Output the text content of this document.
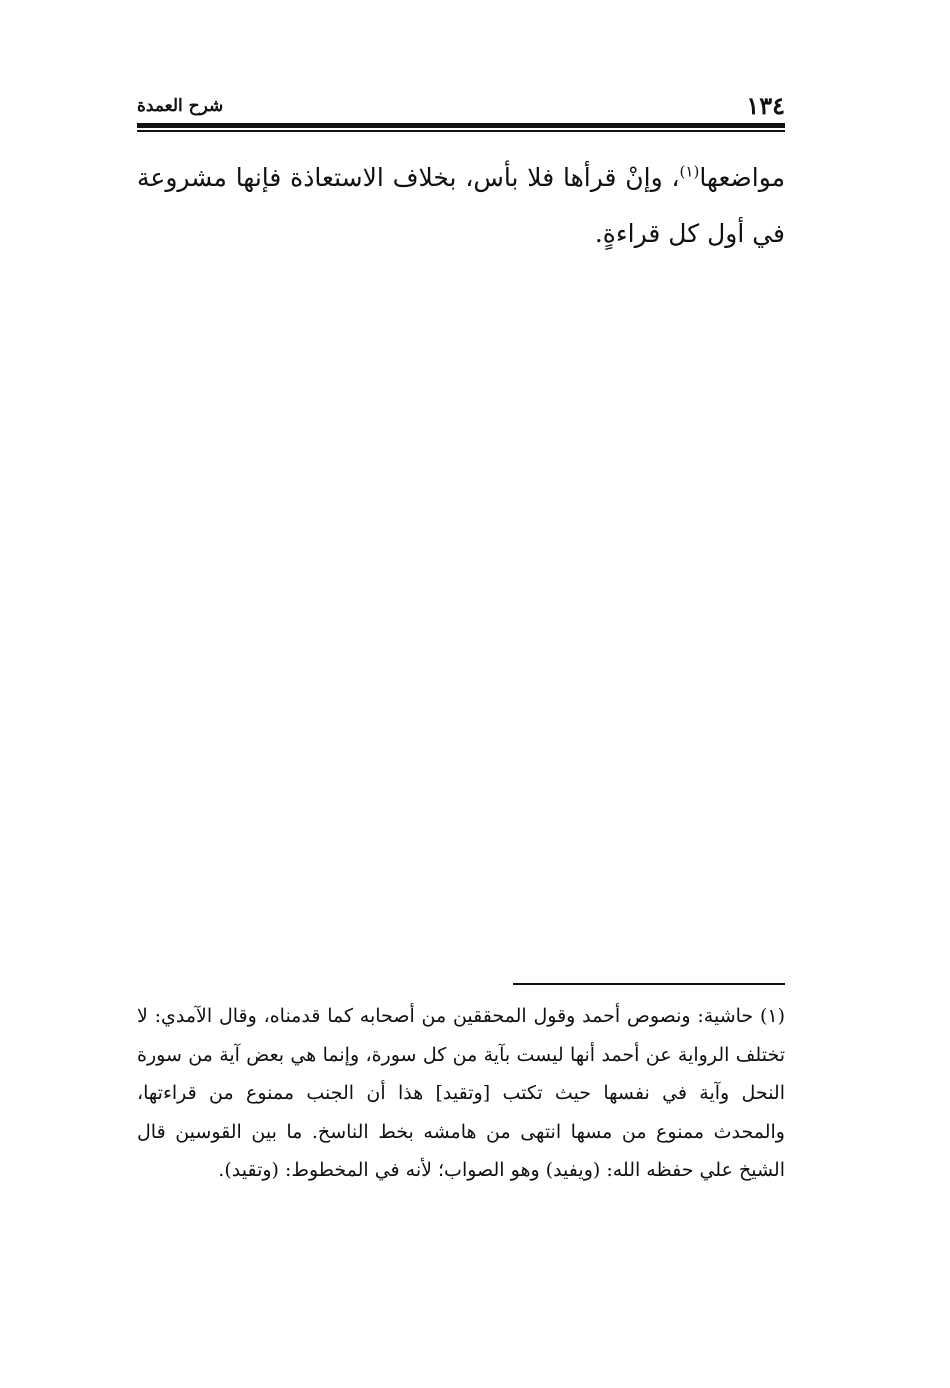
١٣٤
شرح العمدة

مواضعها$^{(١)}$، وإنْ قرأها فلا بأس، بخلاف الاستعاذة فإنها مشروعة في أول كل قراءةٍ.

(١) حاشية: ونصوص أحمد وقول المحققين من أصحابه كما قدمناه، وقال الآمدي: لا تختلف الرواية عن أحمد أنها ليست بآية من كل سورة، وإنما هي بعض آية من سورة النحل وآية في نفسها حيث تكتب [وتقيد] هذا أن الجنب ممنوع من قراءتها، والمحدث ممنوع من مسها انتهى من هامشه بخط الناسخ. ما بين القوسين قال الشيخ علي حفظه الله: (ويفيد) وهو الصواب؛ لأنه في المخطوط: (وتقيد).
